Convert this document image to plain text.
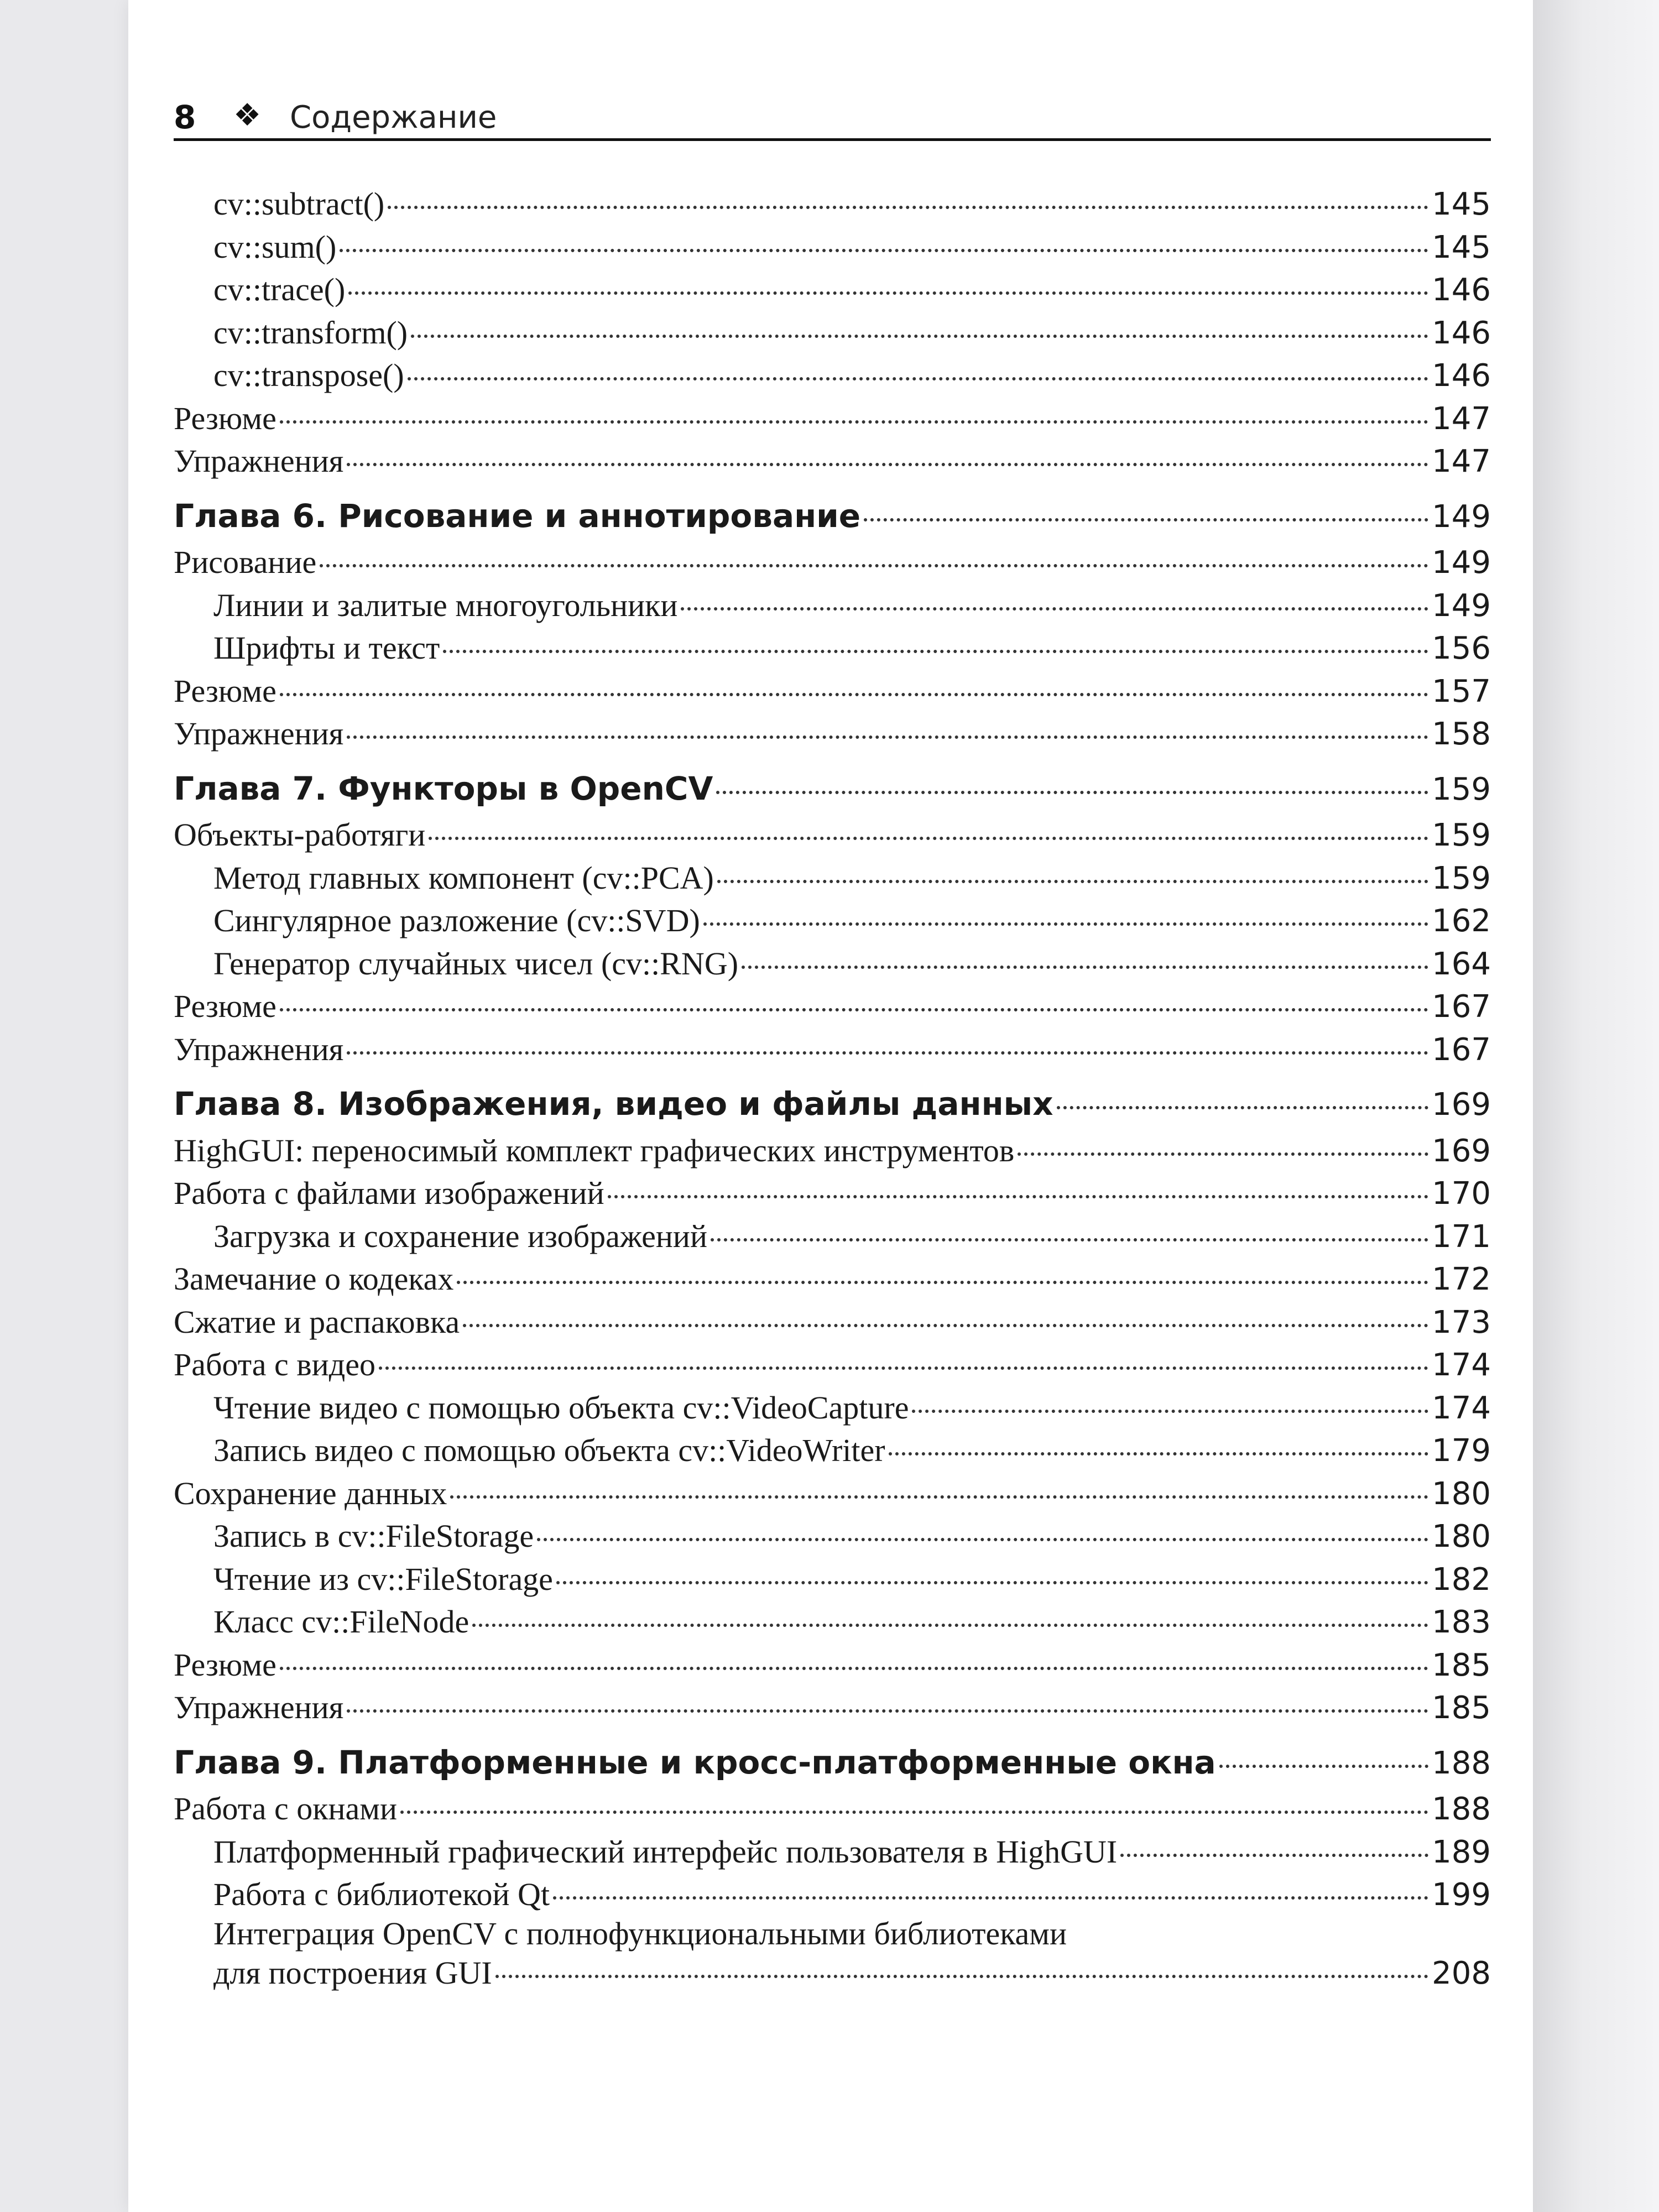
8 ❖ Содержание
cv::subtract()	145
cv::sum()	145
cv::trace()	146
cv::transform()	146
cv::transpose()	146
Резюме	147
Упражнения	147
Глава 6. Рисование и аннотирование	149
Рисование	149
Линии и залитые многоугольники	149
Шрифты и текст	156
Резюме	157
Упражнения	158
Глава 7. Функторы в OpenCV	159
Объекты-работяги	159
Метод главных компонент (cv::PCA)	159
Сингулярное разложение (cv::SVD)	162
Генератор случайных чисел (cv::RNG)	164
Резюме	167
Упражнения	167
Глава 8. Изображения, видео и файлы данных	169
HighGUI: переносимый комплект графических инструментов	169
Работа с файлами изображений	170
Загрузка и сохранение изображений	171
Замечание о кодеках	172
Сжатие и распаковка	173
Работа с видео	174
Чтение видео с помощью объекта cv::VideoCapture	174
Запись видео с помощью объекта cv::VideoWriter	179
Сохранение данных	180
Запись в cv::FileStorage	180
Чтение из cv::FileStorage	182
Класс cv::FileNode	183
Резюме	185
Упражнения	185
Глава 9. Платформенные и кросс-платформенные окна	188
Работа с окнами	188
Платформенный графический интерфейс пользователя в HighGUI	189
Работа с библиотекой Qt	199
Интеграция OpenCV с полнофункциональными библиотеками
для построения GUI	208
